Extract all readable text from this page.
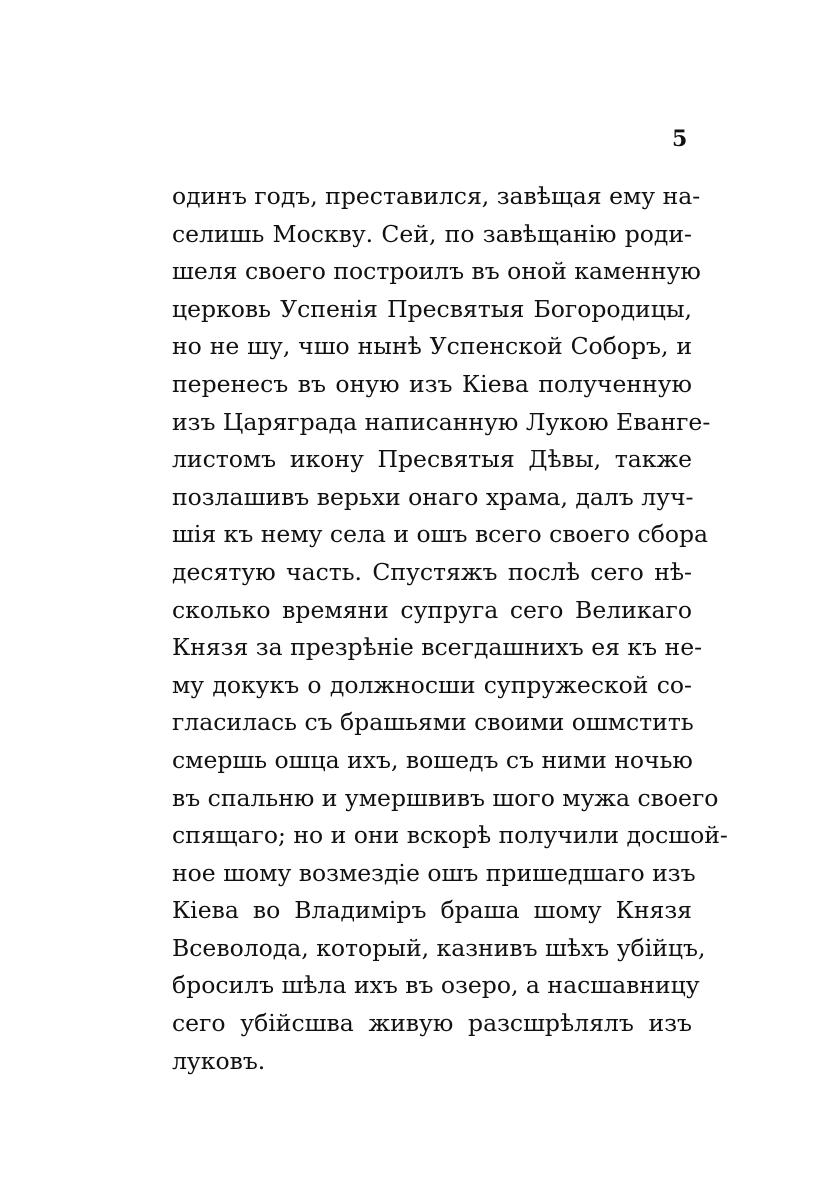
5
одинъ годъ, преставился, завѣщая ему на-
селишь Москву. Сей, по завѣщанію роди-
шеля своего построилъ въ оной каменную
церковь Успенія Пресвятыя Богородицы,
но не шу, чшо нынѣ Успенской Соборъ, и
перенесъ въ оную изъ Кіева полученную
изъ Царяграда написанную Лукою Еванге-
листомъ икону Пресвятыя Дѣвы, также
позлашивъ верьхи онаго храма, далъ луч-
шія къ нему села и ошъ всего своего сбора
десятую часть. Спустяжъ послѣ сего нѣ-
сколько времяни супруга сего Великаго
Князя за презрѣніе всегдашнихъ ея къ не-
му докукъ о должносши супружеской со-
гласилась съ брашьями своими ошмстить
смершь ошца ихъ, вошедъ съ ними ночью
въ спальню и умершвивъ шого мужа своего
спящаго; но и они вскорѣ получили досшой-
ное шому возмездіе ошъ пришедшаго изъ
Кіева во Владиміръ браша шому Князя
Всеволода, который, казнивъ шѣхъ убійцъ,
бросилъ шѣла ихъ въ озеро, а насшавницу
сего убійсшва живую разсшрѣлялъ изъ
луковъ.
